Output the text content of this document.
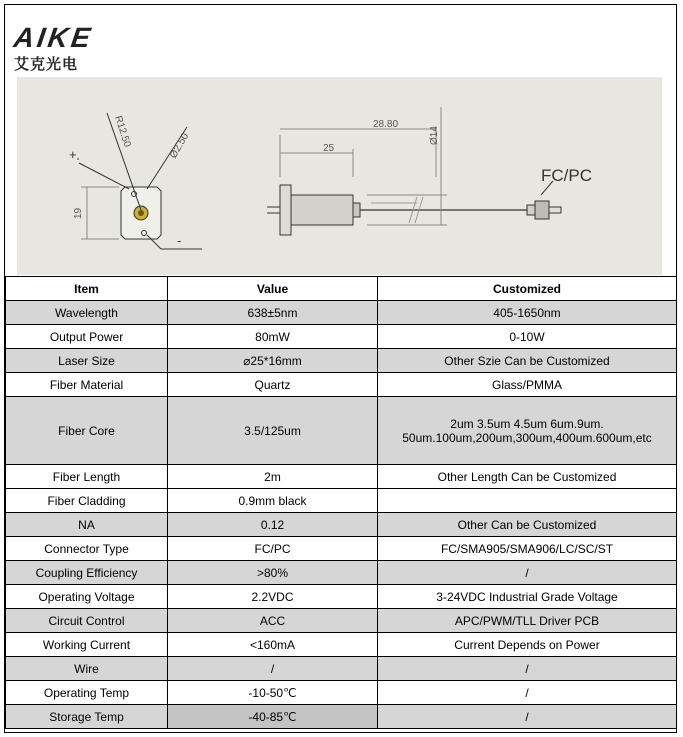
AIKE
艾克光电
+
-
R12.50	Ø2.50
19
28.80
25
Ø14
FC/PC
Item	Value	Customized
Wavelength	638±5nm	405-1650nm
Output Power	80mW	0-10W
Laser Size	⌀25*16mm	Other Szie Can be Customized
Fiber Material	Quartz	Glass/PMMA
Fiber Core	3.5/125um	2um 3.5um 4.5um 6um.9um.
50um.100um,200um,300um,400um.600um,etc
Fiber Length	2m	Other Length Can be Customized
Fiber Cladding	0.9mm black	
NA	0.12	Other Can be Customized
Connector Type	FC/PC	FC/SMA905/SMA906/LC/SC/ST
Coupling Efficiency	>80%	/
Operating Voltage	2.2VDC	3-24VDC Industrial Grade Voltage
Circuit Control	ACC	APC/PWM/TLL Driver PCB
Working Current	<160mA	Current Depends on Power
Wire	/	/
Operating Temp	-10-50℃	/
Storage Temp	-40-85℃	/
